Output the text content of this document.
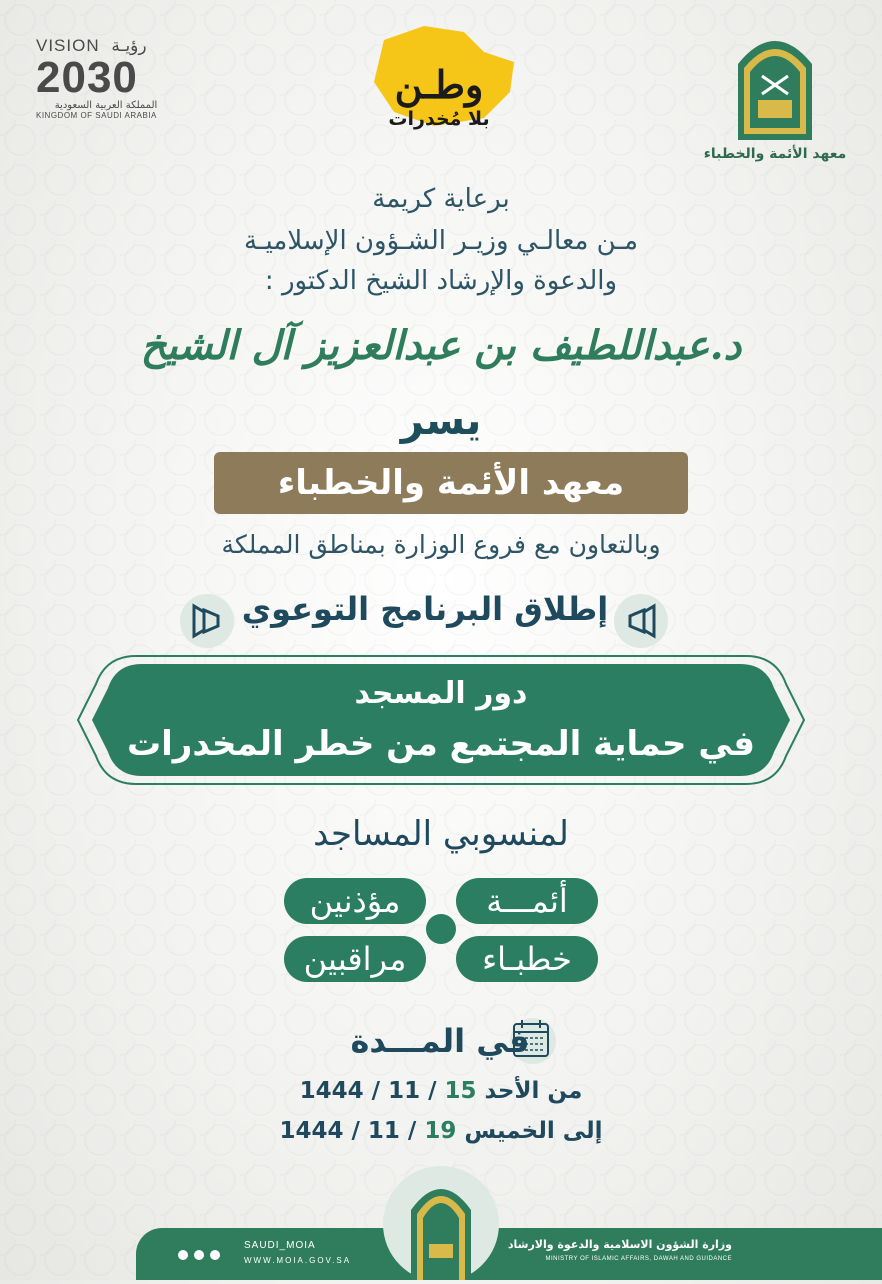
VISION رؤيـة
2030
المملكة العربية السعودية
KINGDOM OF SAUDI ARABIA
وطـن
بلا مُخدرات
معهد الأئمة والخطباء
برعاية كريمة
مـن معالـي وزيـر الشـؤون الإسلاميـة
والدعوة والإرشاد الشيخ الدكتور :
د.عبداللطيف بن عبدالعزيز آل الشيخ
يسر
معهد الأئمة والخطباء
وبالتعاون مع فروع الوزارة بمناطق المملكة
إطلاق البرنامج التوعوي
دور المسجد
في حماية المجتمع من خطر المخدرات
لمنسوبي المساجد
أئمـــة
مؤذنين
خطبـاء
مراقبين
في المـــدة
من الأحد 15 / 11 / 1444
إلى الخميس 19 / 11 / 1444
وزارة الشؤون الاسلامية والدعوة والارشاد
MINISTRY OF ISLAMIC AFFAIRS, DAWAH AND GUIDANCE
SAUDI_MOIA
WWW.MOIA.GOV.SA
